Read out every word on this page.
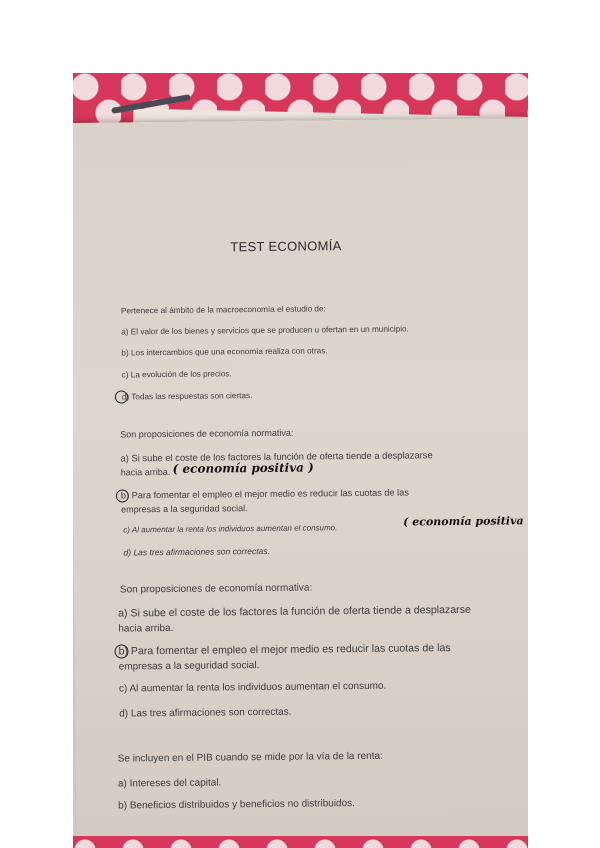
TEST ECONOMÍA
Pertenece al ámbito de la macroeconomía el estudio de:
a) El valor de los bienes y servicios que se producen u ofertan en un municipio.
b) Los intercambios que una economía realiza con otras.
c) La evolución de los precios.
d) Todas las respuestas son ciertas.
Son proposiciones de economía normativa:
a) Si sube el coste de los factores la función de oferta tiende a desplazarse
hacia arriba. ( economía positiva )
b) Para fomentar el empleo el mejor medio es reducir las cuotas de las
empresas a la seguridad social.
c) Al aumentar la renta los individuos aumentan el consumo.
( economía positiva
d) Las tres afirmaciones son correctas.
Son proposiciones de economía normativa:
a) Si sube el coste de los factores la función de oferta tiende a desplazarse
hacia arriba.
b) Para fomentar el empleo el mejor medio es reducir las cuotas de las
empresas a la seguridad social.
c) Al aumentar la renta los individuos aumentan el consumo.
d) Las tres afirmaciones son correctas.
Se incluyen en el PIB cuando se mide por la vía de la renta:
a) Intereses del capital.
b) Beneficios distribuidos y beneficios no distribuidos.
